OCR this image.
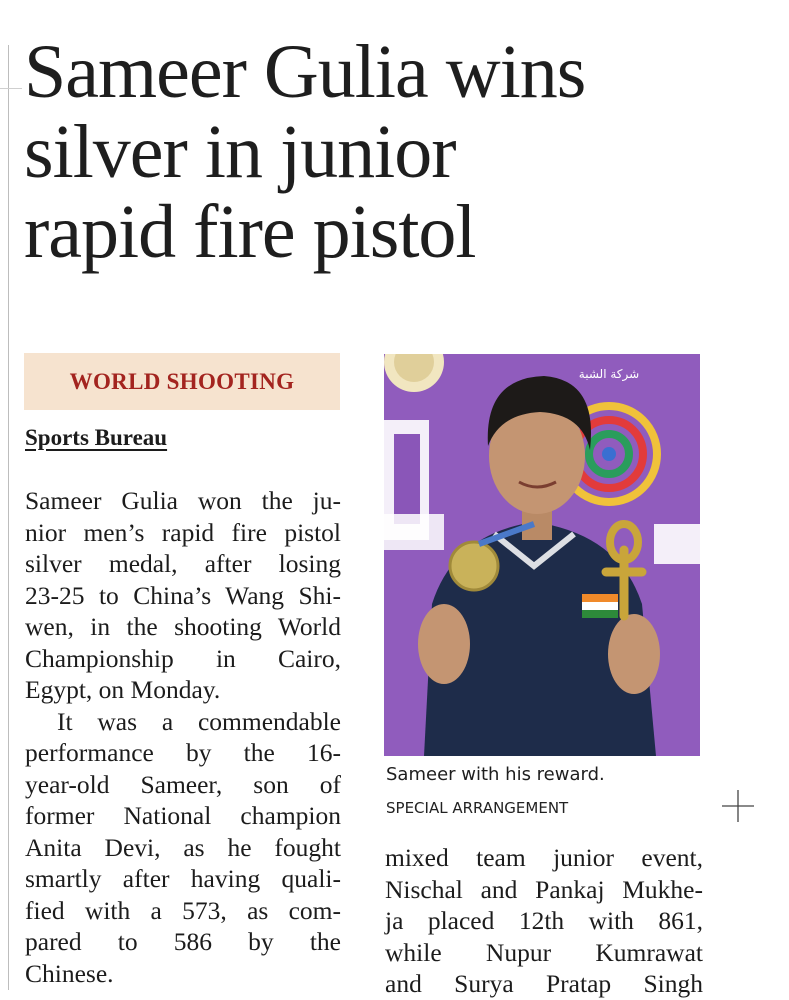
Sameer Gulia wins
silver in junior
rapid fire pistol
WORLD SHOOTING

Sports Bureau

Sameer Gulia won the ju-
nior men’s rapid fire pistol
silver medal, after losing
23-25 to China’s Wang Shi-
wen, in the shooting World
Championship in Cairo,
Egypt, on Monday.
It was a commendable
performance by the 16-
year-old Sameer, son of
former National champion
Anita Devi, as he fought
smartly after having quali-
fied with a 573, as com-
pared to 586 by the
Chinese.
شركة الشبة

Sameer with his reward.

SPECIAL ARRANGEMENT

mixed team junior event,
Nischal and Pankaj Mukhe-
ja placed 12th with 861,
while Nupur Kumrawat
and Surya Pratap Singh
